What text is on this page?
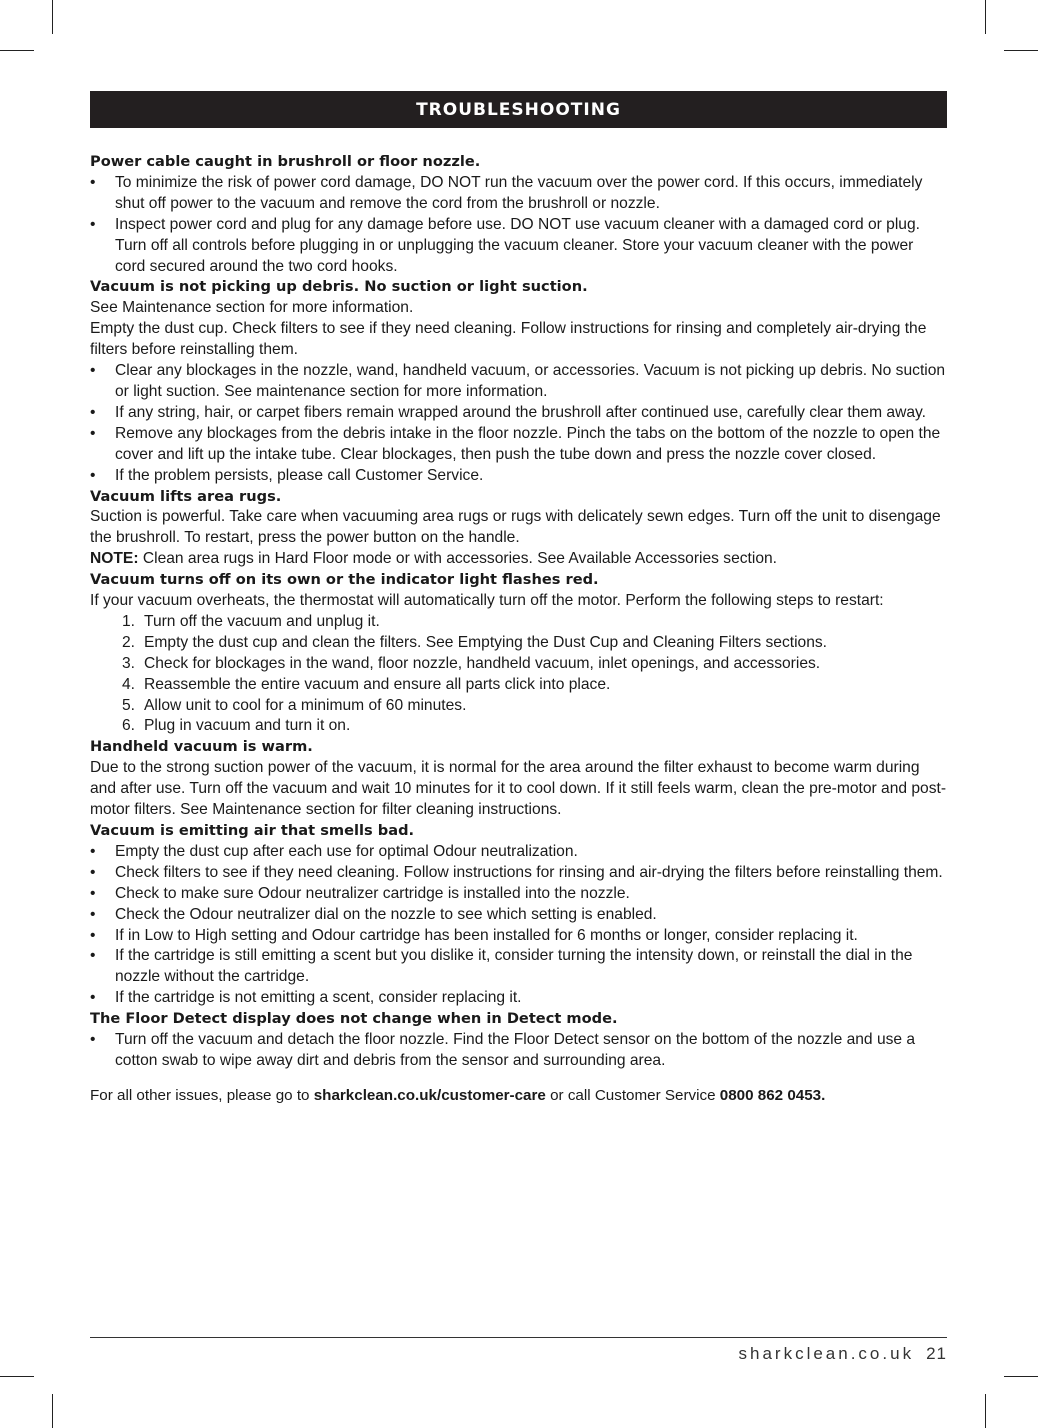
TROUBLESHOOTING

Power cable caught in brushroll or floor nozzle.

• To minimize the risk of power cord damage, DO NOT run the vacuum over the power cord. If this occurs, immediately shut off power to the vacuum and remove the cord from the brushroll or nozzle.
• Inspect power cord and plug for any damage before use. DO NOT use vacuum cleaner with a damaged cord or plug. Turn off all controls before plugging in or unplugging the vacuum cleaner. Store your vacuum cleaner with the power cord secured around the two cord hooks.

Vacuum is not picking up debris. No suction or light suction.

See Maintenance section for more information.

Empty the dust cup. Check filters to see if they need cleaning. Follow instructions for rinsing and completely air-drying the filters before reinstalling them.

• Clear any blockages in the nozzle, wand, handheld vacuum, or accessories. Vacuum is not picking up debris. No suction or light suction. See maintenance section for more information.
• If any string, hair, or carpet fibers remain wrapped around the brushroll after continued use, carefully clear them away.
• Remove any blockages from the debris intake in the floor nozzle. Pinch the tabs on the bottom of the nozzle to open the cover and lift up the intake tube. Clear blockages, then push the tube down and press the nozzle cover closed.
• If the problem persists, please call Customer Service.

Vacuum lifts area rugs.

Suction is powerful. Take care when vacuuming area rugs or rugs with delicately sewn edges. Turn off the unit to disengage the brushroll. To restart, press the power button on the handle.

NOTE: Clean area rugs in Hard Floor mode or with accessories. See Available Accessories section.

Vacuum turns off on its own or the indicator light flashes red.

If your vacuum overheats, the thermostat will automatically turn off the motor. Perform the following steps to restart:

1. Turn off the vacuum and unplug it.
2. Empty the dust cup and clean the filters. See Emptying the Dust Cup and Cleaning Filters sections.
3. Check for blockages in the wand, floor nozzle, handheld vacuum, inlet openings, and accessories.
4. Reassemble the entire vacuum and ensure all parts click into place.
5. Allow unit to cool for a minimum of 60 minutes.
6. Plug in vacuum and turn it on.

Handheld vacuum is warm.

Due to the strong suction power of the vacuum, it is normal for the area around the filter exhaust to become warm during and after use. Turn off the vacuum and wait 10 minutes for it to cool down. If it still feels warm, clean the pre-motor and post-motor filters. See Maintenance section for filter cleaning instructions.

Vacuum is emitting air that smells bad.

• Empty the dust cup after each use for optimal Odour neutralization.
• Check filters to see if they need cleaning. Follow instructions for rinsing and air-drying the filters before reinstalling them.
• Check to make sure Odour neutralizer cartridge is installed into the nozzle.
• Check the Odour neutralizer dial on the nozzle to see which setting is enabled.
• If in Low to High setting and Odour cartridge has been installed for 6 months or longer, consider replacing it.
• If the cartridge is still emitting a scent but you dislike it, consider turning the intensity down, or reinstall the dial in the nozzle without the cartridge.
• If the cartridge is not emitting a scent, consider replacing it.

The Floor Detect display does not change when in Detect mode.

• Turn off the vacuum and detach the floor nozzle. Find the Floor Detect sensor on the bottom of the nozzle and use a cotton swab to wipe away dirt and debris from the sensor and surrounding area.

For all other issues, please go to sharkclean.co.uk/customer-care or call Customer Service 0800 862 0453.

sharkclean.co.uk 21
